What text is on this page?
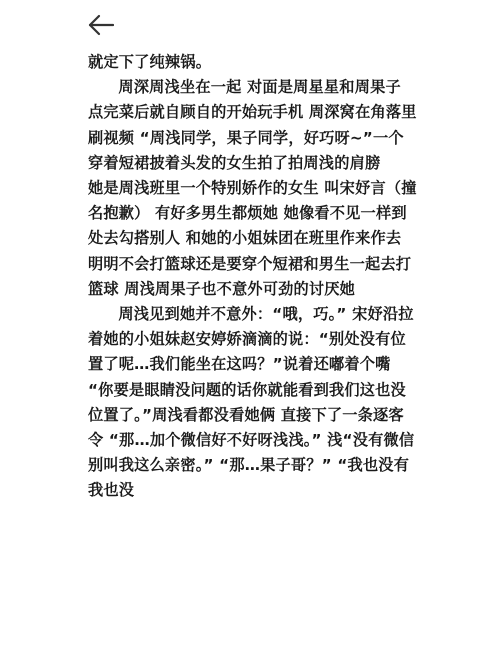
就定下了纯辣锅。

周深周浅坐在一起 对面是周星星和周果子 点完菜后就自顾自的开始玩手机 周深窝在角落里刷视频 “周浅同学，果子同学，好巧呀~”一个穿着短裙披着头发的女生拍了拍周浅的肩膀

她是周浅班里一个特别娇作的女生 叫宋妤言（撞名抱歉） 有好多男生都烦她 她像看不见一样到处去勾搭别人 和她的小姐妹团在班里作来作去 明明不会打篮球还是要穿个短裙和男生一起去打篮球 周浅周果子也不意外可劲的讨厌她

周浅见到她并不意外：“哦，巧。” 宋妤沿拉着她的小姐妹赵安婷娇滴滴的说：“别处没有位置了呢…我们能坐在这吗？”说着还嘟着个嘴 “你要是眼睛没问题的话你就能看到我们这也没位置了。”周浅看都没看她俩 直接下了一条逐客令 “那…加个微信好不好呀浅浅。” 浅“没有微信 别叫我这么亲密。” “那…果子哥？” “我也没有我也没
